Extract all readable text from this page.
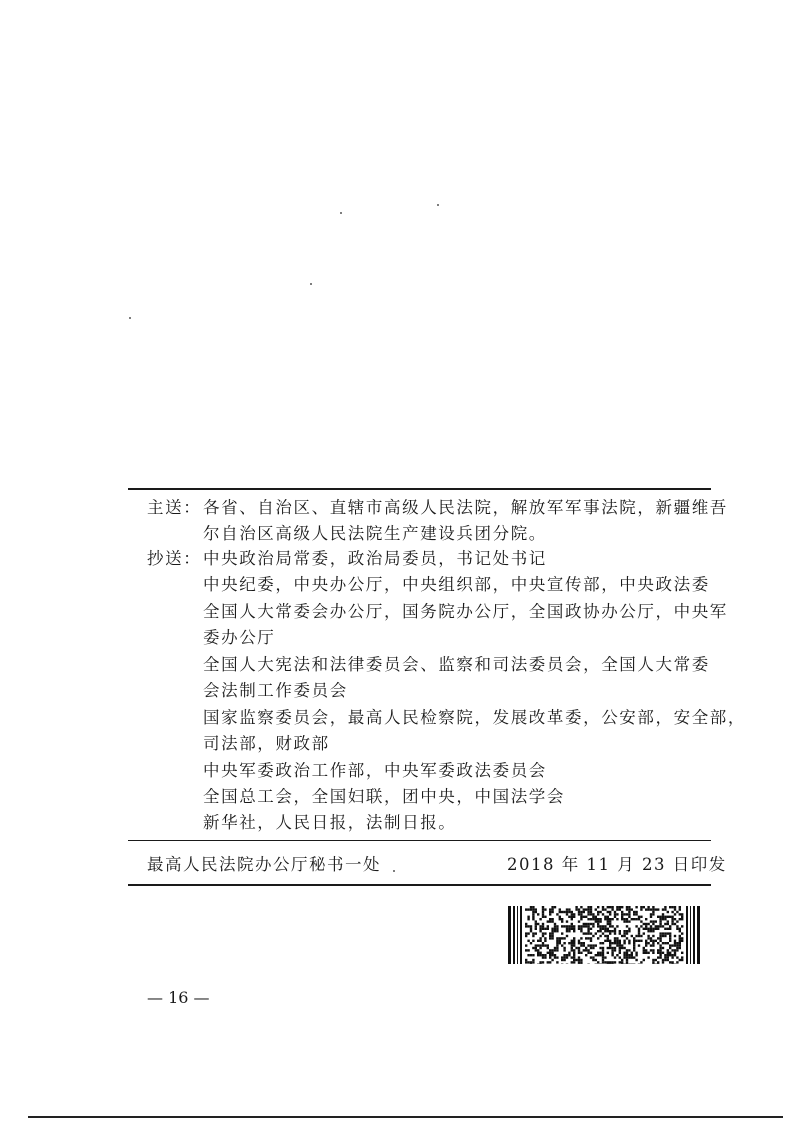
主送： 各省、自治区、直辖市高级人民法院，解放军军事法院，新疆维吾
尔自治区高级人民法院生产建设兵团分院。
抄送： 中央政治局常委，政治局委员，书记处书记
中央纪委，中央办公厅，中央组织部，中央宣传部，中央政法委
全国人大常委会办公厅，国务院办公厅，全国政协办公厅，中央军
委办公厅
全国人大宪法和法律委员会、监察和司法委员会，全国人大常委
会法制工作委员会
国家监察委员会，最高人民检察院，发展改革委，公安部，安全部，
司法部，财政部
中央军委政治工作部，中央军委政法委员会
全国总工会，全国妇联，团中央，中国法学会
新华社，人民日报，法制日报。
最高人民法院办公厅秘书一处	2018 年 11 月 23 日印发
— 16 —
